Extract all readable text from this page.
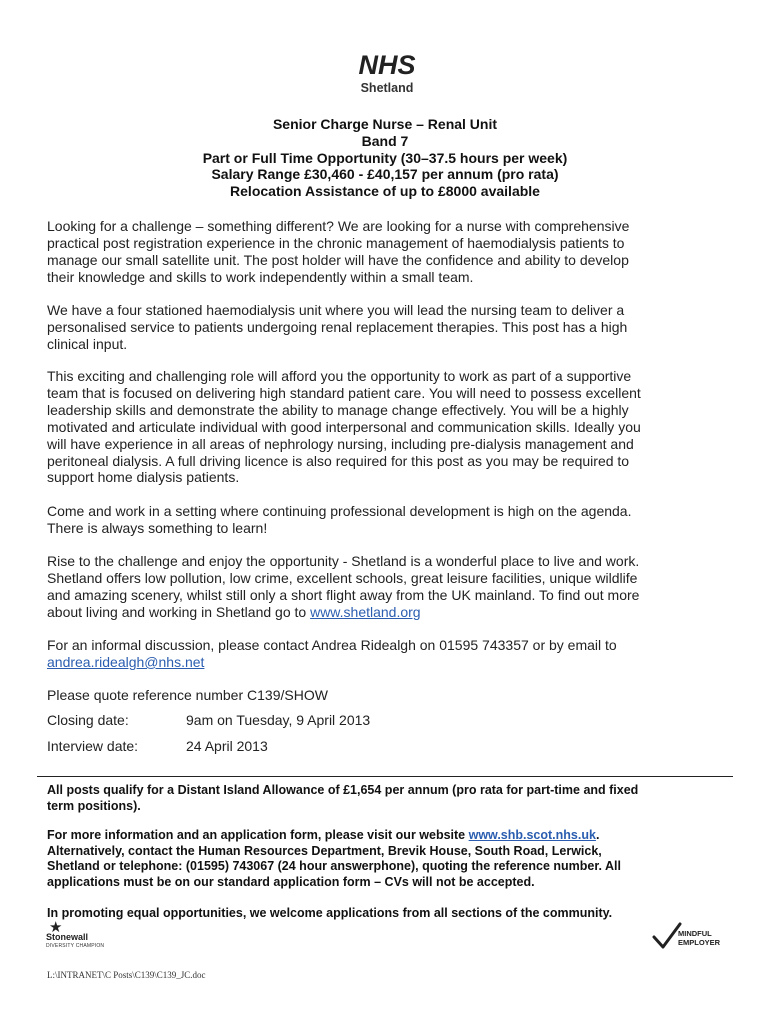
NHS
Shetland
Senior Charge Nurse – Renal Unit
Band 7
Part or Full Time Opportunity (30–37.5 hours per week)
Salary Range £30,460 - £40,157 per annum (pro rata)
Relocation Assistance of up to £8000 available

Looking for a challenge – something different? We are looking for a nurse with comprehensive
practical post registration experience in the chronic management of haemodialysis patients to
manage our small satellite unit. The post holder will have the confidence and ability to develop
their knowledge and skills to work independently within a small team.

We have a four stationed haemodialysis unit where you will lead the nursing team to deliver a
personalised service to patients undergoing renal replacement therapies. This post has a high
clinical input.

This exciting and challenging role will afford you the opportunity to work as part of a supportive
team that is focused on delivering high standard patient care. You will need to possess excellent
leadership skills and demonstrate the ability to manage change effectively. You will be a highly
motivated and articulate individual with good interpersonal and communication skills. Ideally you
will have experience in all areas of nephrology nursing, including pre-dialysis management and
peritoneal dialysis. A full driving licence is also required for this post as you may be required to
support home dialysis patients.

Come and work in a setting where continuing professional development is high on the agenda.
There is always something to learn!

Rise to the challenge and enjoy the opportunity - Shetland is a wonderful place to live and work.
Shetland offers low pollution, low crime, excellent schools, great leisure facilities, unique wildlife
and amazing scenery, whilst still only a short flight away from the UK mainland. To find out more
about living and working in Shetland go to www.shetland.org

For an informal discussion, please contact Andrea Ridealgh on 01595 743357 or by email to
andrea.ridealgh@nhs.net

Please quote reference number C139/SHOW

Closing date:	9am on Tuesday, 9 April 2013
Interview date:	24 April 2013

All posts qualify for a Distant Island Allowance of £1,654 per annum (pro rata for part-time and fixed
term positions).

For more information and an application form, please visit our website www.shb.scot.nhs.uk.
Alternatively, contact the Human Resources Department, Brevik House, South Road, Lerwick,
Shetland or telephone: (01595) 743067 (24 hour answerphone), quoting the reference number. All
applications must be on our standard application form – CVs will not be accepted.

In promoting equal opportunities, we welcome applications from all sections of the community.

★
Stonewall
DIVERSITY CHAMPION
MINDFUL
EMPLOYER
L:\INTRANET\C Posts\C139\C139_JC.doc
